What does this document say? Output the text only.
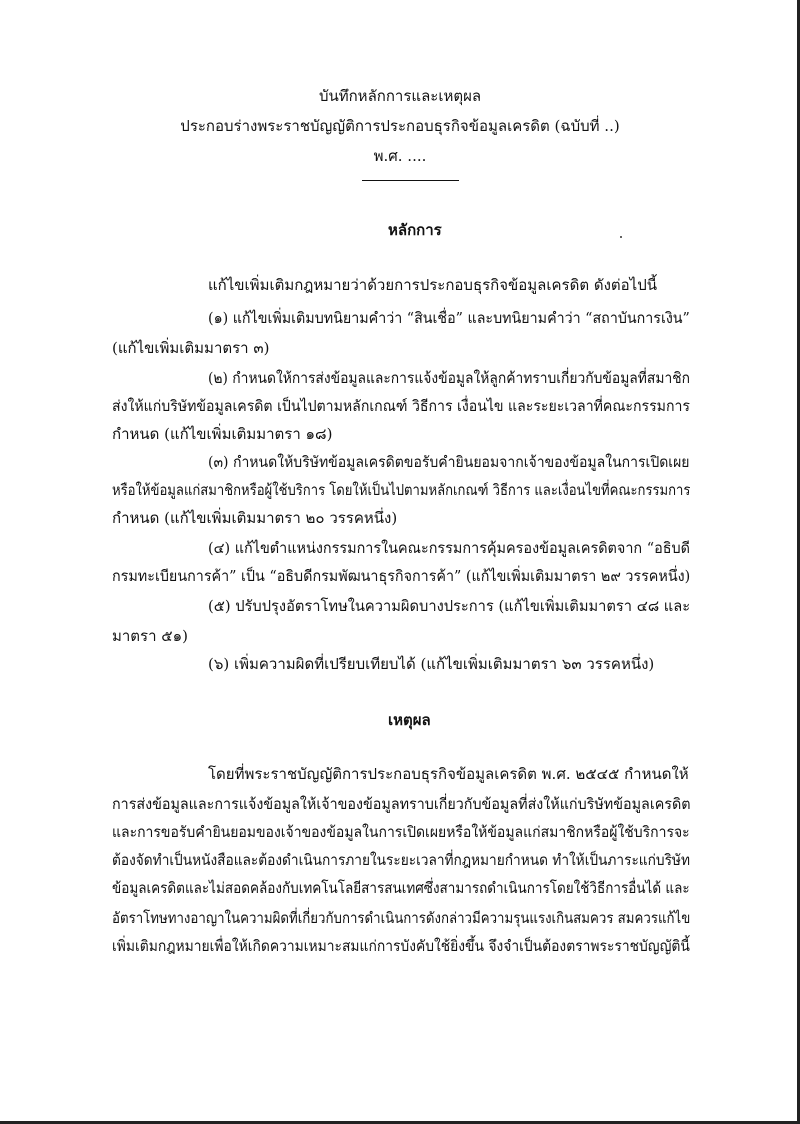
บันทึกหลักการและเหตุผล
ประกอบร่างพระราชบัญญัติการประกอบธุรกิจข้อมูลเครดิต (ฉบับที่ ..)
พ.ศ. ....
หลักการ
แก้ไขเพิ่มเติมกฎหมายว่าด้วยการประกอบธุรกิจข้อมูลเครดิต ดังต่อไปนี้
(๑) แก้ไขเพิ่มเติมบทนิยามคำว่า “สินเชื่อ” และบทนิยามคำว่า “สถาบันการเงิน”
(แก้ไขเพิ่มเติมมาตรา ๓)
(๒) กำหนดให้การส่งข้อมูลและการแจ้งข้อมูลให้ลูกค้าทราบเกี่ยวกับข้อมูลที่สมาชิก
ส่งให้แก่บริษัทข้อมูลเครดิต เป็นไปตามหลักเกณฑ์ วิธีการ เงื่อนไข และระยะเวลาที่คณะกรรมการ
กำหนด (แก้ไขเพิ่มเติมมาตรา ๑๘)
(๓) กำหนดให้บริษัทข้อมูลเครดิตขอรับคำยินยอมจากเจ้าของข้อมูลในการเปิดเผย
หรือให้ข้อมูลแก่สมาชิกหรือผู้ใช้บริการ โดยให้เป็นไปตามหลักเกณฑ์ วิธีการ และเงื่อนไขที่คณะกรรมการ
กำหนด (แก้ไขเพิ่มเติมมาตรา ๒๐ วรรคหนึ่ง)
(๔) แก้ไขตำแหน่งกรรมการในคณะกรรมการคุ้มครองข้อมูลเครดิตจาก “อธิบดี
กรมทะเบียนการค้า” เป็น “อธิบดีกรมพัฒนาธุรกิจการค้า” (แก้ไขเพิ่มเติมมาตรา ๒๙ วรรคหนึ่ง)
(๕) ปรับปรุงอัตราโทษในความผิดบางประการ (แก้ไขเพิ่มเติมมาตรา ๔๘ และ
มาตรา ๕๑)
(๖) เพิ่มความผิดที่เปรียบเทียบได้ (แก้ไขเพิ่มเติมมาตรา ๖๓ วรรคหนึ่ง)
เหตุผล
โดยที่พระราชบัญญัติการประกอบธุรกิจข้อมูลเครดิต พ.ศ. ๒๕๔๕ กำหนดให้
การส่งข้อมูลและการแจ้งข้อมูลให้เจ้าของข้อมูลทราบเกี่ยวกับข้อมูลที่ส่งให้แก่บริษัทข้อมูลเครดิต
และการขอรับคำยินยอมของเจ้าของข้อมูลในการเปิดเผยหรือให้ข้อมูลแก่สมาชิกหรือผู้ใช้บริการจะ
ต้องจัดทำเป็นหนังสือและต้องดำเนินการภายในระยะเวลาที่กฎหมายกำหนด ทำให้เป็นภาระแก่บริษัท
ข้อมูลเครดิตและไม่สอดคล้องกับเทคโนโลยีสารสนเทศซึ่งสามารถดำเนินการโดยใช้วิธีการอื่นได้ และ
อัตราโทษทางอาญาในความผิดที่เกี่ยวกับการดำเนินการดังกล่าวมีความรุนแรงเกินสมควร สมควรแก้ไข
เพิ่มเติมกฎหมายเพื่อให้เกิดความเหมาะสมแก่การบังคับใช้ยิ่งขึ้น จึงจำเป็นต้องตราพระราชบัญญัตินี้
